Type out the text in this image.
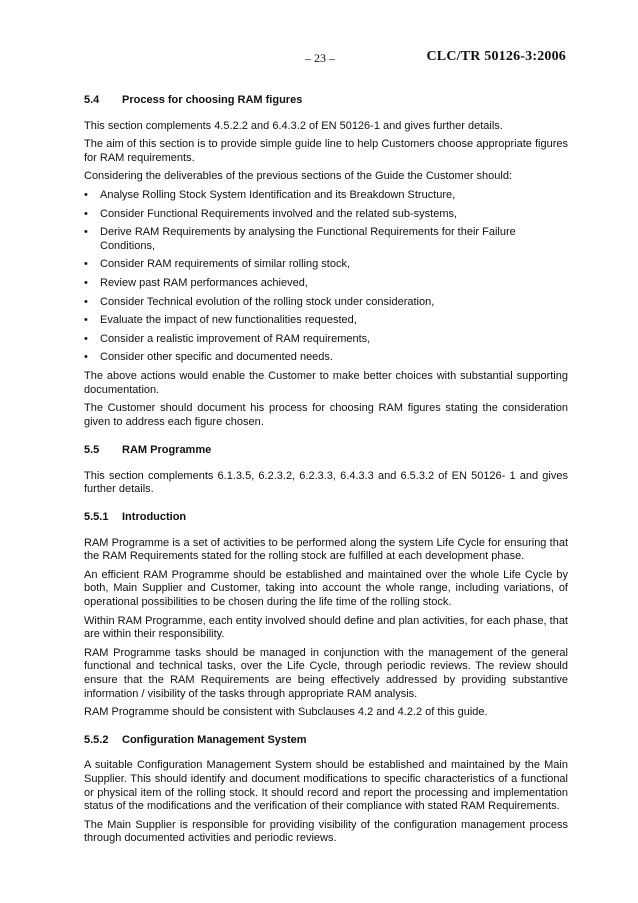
– 23 –	CLC/TR 50126-3:2006
5.4	Process for choosing RAM figures

This section complements 4.5.2.2 and 6.4.3.2 of EN 50126-1 and gives further details.

The aim of this section is to provide simple guide line to help Customers choose appropriate figures for RAM requirements.

Considering the deliverables of the previous sections of the Guide the Customer should:

•	Analyse Rolling Stock System Identification and its Breakdown Structure,
•	Consider Functional Requirements involved and the related sub-systems,
•	Derive RAM Requirements by analysing the Functional Requirements for their Failure Conditions,
•	Consider RAM requirements of similar rolling stock,
•	Review past RAM performances achieved,
•	Consider Technical evolution of the rolling stock under consideration,
•	Evaluate the impact of new functionalities requested,
•	Consider a realistic improvement of RAM requirements,
•	Consider other specific and documented needs.

The above actions would enable the Customer to make better choices with substantial supporting documentation.

The Customer should document his process for choosing RAM figures stating the consideration given to address each figure chosen.

5.5	RAM Programme

This section complements 6.1.3.5, 6.2.3.2, 6.2.3.3, 6.4.3.3 and 6.5.3.2 of EN 50126- 1 and gives further details.

5.5.1	Introduction

RAM Programme is a set of activities to be performed along the system Life Cycle for ensuring that the RAM Requirements stated for the rolling stock are fulfilled at each development phase.

An efficient RAM Programme should be established and maintained over the whole Life Cycle by both, Main Supplier and Customer, taking into account the whole range, including variations, of operational possibilities to be chosen during the life time of the rolling stock.

Within RAM Programme, each entity involved should define and plan activities, for each phase, that are within their responsibility.

RAM Programme tasks should be managed in conjunction with the management of the general functional and technical tasks, over the Life Cycle, through periodic reviews. The review should ensure that the RAM Requirements are being effectively addressed by providing substantive information / visibility of the tasks through appropriate RAM analysis.

RAM Programme should be consistent with Subclauses 4.2 and 4.2.2 of this guide.

5.5.2	Configuration Management System

A suitable Configuration Management System should be established and maintained by the Main Supplier. This should identify and document modifications to specific characteristics of a functional or physical item of the rolling stock. It should record and report the processing and implementation status of the modifications and the verification of their compliance with stated RAM Requirements.

The Main Supplier is responsible for providing visibility of the configuration management process through documented activities and periodic reviews.
